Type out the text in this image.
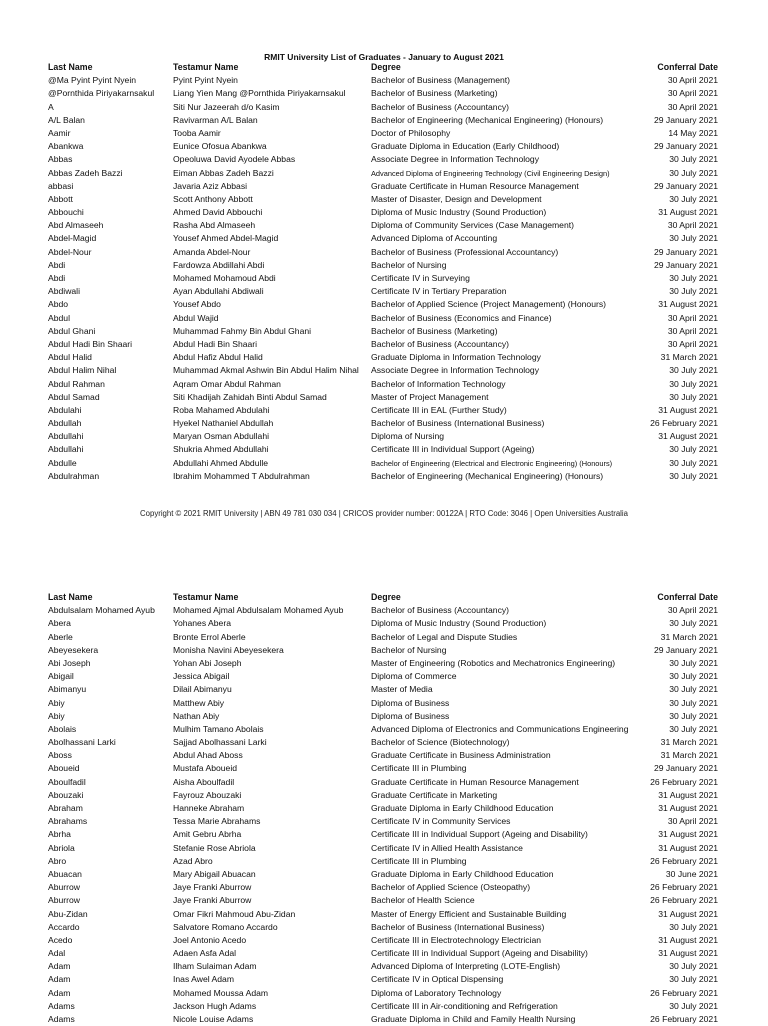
RMIT University List of Graduates - January to August 2021
Last Name	Testamur Name	Degree	Conferral Date
@Ma Pyint Pyint Nyein	Pyint Pyint Nyein	Bachelor of Business (Management)	30 April 2021
@Pornthida Piriyakarnsakul	Liang Yien Mang @Pornthida Piriyakarnsakul	Bachelor of Business (Marketing)	30 April 2021
A	Siti Nur Jazeerah d/o Kasim	Bachelor of Business (Accountancy)	30 April 2021
A/L Balan	Ravivarman A/L Balan	Bachelor of Engineering (Mechanical Engineering) (Honours)	29 January 2021
Aamir	Tooba Aamir	Doctor of Philosophy	14 May 2021
Abankwa	Eunice Ofosua Abankwa	Graduate Diploma in Education (Early Childhood)	29 January 2021
Abbas	Opeoluwa David Ayodele Abbas	Associate Degree in Information Technology	30 July 2021
Abbas Zadeh Bazzi	Eiman Abbas Zadeh Bazzi	Advanced Diploma of Engineering Technology (Civil Engineering Design)	30 July 2021
abbasi	Javaria Aziz Abbasi	Graduate Certificate in Human Resource Management	29 January 2021
Abbott	Scott Anthony Abbott	Master of Disaster, Design and Development	30 July 2021
Abbouchi	Ahmed David Abbouchi	Diploma of Music Industry (Sound Production)	31 August 2021
Abd Almaseeh	Rasha Abd Almaseeh	Diploma of Community Services (Case Management)	30 April 2021
Abdel-Magid	Yousef Ahmed Abdel-Magid	Advanced Diploma of Accounting	30 July 2021
Abdel-Nour	Amanda Abdel-Nour	Bachelor of Business (Professional Accountancy)	29 January 2021
Abdi	Fardowza Abdillahi Abdi	Bachelor of Nursing	29 January 2021
Abdi	Mohamed Mohamoud Abdi	Certificate IV in Surveying	30 July 2021
Abdiwali	Ayan Abdullahi Abdiwali	Certificate IV in Tertiary Preparation	30 July 2021
Abdo	Yousef Abdo	Bachelor of Applied Science (Project Management) (Honours)	31 August 2021
Abdul	Abdul Wajid	Bachelor of Business (Economics and Finance)	30 April 2021
Abdul Ghani	Muhammad Fahmy Bin Abdul Ghani	Bachelor of Business (Marketing)	30 April 2021
Abdul Hadi Bin Shaari	Abdul Hadi Bin Shaari	Bachelor of Business (Accountancy)	30 April 2021
Abdul Halid	Abdul Hafiz Abdul Halid	Graduate Diploma in Information Technology	31 March 2021
Abdul Halim Nihal	Muhammad Akmal Ashwin Bin Abdul Halim Nihal	Associate Degree in Information Technology	30 July 2021
Abdul Rahman	Aqram Omar Abdul Rahman	Bachelor of Information Technology	30 July 2021
Abdul Samad	Siti Khadijah Zahidah Binti Abdul Samad	Master of Project Management	30 July 2021
Abdulahi	Roba Mahamed Abdulahi	Certificate III in EAL (Further Study)	31 August 2021
Abdullah	Hyekel Nathaniel Abdullah	Bachelor of Business (International Business)	26 February 2021
Abdullahi	Maryan Osman Abdullahi	Diploma of Nursing	31 August 2021
Abdullahi	Shukria Ahmed Abdullahi	Certificate III in Individual Support (Ageing)	30 July 2021
Abdulle	Abdullahi Ahmed Abdulle	Bachelor of Engineering (Electrical and Electronic Engineering) (Honours)	30 July 2021
Abdulrahman	Ibrahim Mohammed T Abdulrahman	Bachelor of Engineering (Mechanical Engineering) (Honours)	30 July 2021
Copyright © 2021 RMIT University | ABN 49 781 030 034 | CRICOS provider number: 00122A | RTO Code: 3046 | Open Universities Australia
Last Name	Testamur Name	Degree	Conferral Date
Abdulsalam Mohamed Ayub	Mohamed Ajmal Abdulsalam Mohamed Ayub	Bachelor of Business (Accountancy)	30 April 2021
Abera	Yohanes Abera	Diploma of Music Industry (Sound Production)	30 July 2021
Aberle	Bronte Errol Aberle	Bachelor of Legal and Dispute Studies	31 March 2021
Abeyesekera	Monisha Navini Abeyesekera	Bachelor of Nursing	29 January 2021
Abi Joseph	Yohan Abi Joseph	Master of Engineering (Robotics and Mechatronics Engineering)	30 July 2021
Abigail	Jessica Abigail	Diploma of Commerce	30 July 2021
Abimanyu	Dilail Abimanyu	Master of Media	30 July 2021
Abiy	Matthew Abiy	Diploma of Business	30 July 2021
Abiy	Nathan Abiy	Diploma of Business	30 July 2021
Abolais	Mulhim Tamano Abolais	Advanced Diploma of Electronics and Communications Engineering	30 July 2021
Abolhassani Larki	Sajjad Abolhassani Larki	Bachelor of Science (Biotechnology)	31 March 2021
Aboss	Abdul Ahad Aboss	Graduate Certificate in Business Administration	31 March 2021
Aboueid	Mustafa Aboueid	Certificate III in Plumbing	29 January 2021
Aboulfadil	Aisha Aboulfadil	Graduate Certificate in Human Resource Management	26 February 2021
Abouzaki	Fayrouz Abouzaki	Graduate Certificate in Marketing	31 August 2021
Abraham	Hanneke Abraham	Graduate Diploma in Early Childhood Education	31 August 2021
Abrahams	Tessa Marie Abrahams	Certificate IV in Community Services	30 April 2021
Abrha	Amit Gebru Abrha	Certificate III in Individual Support (Ageing and Disability)	31 August 2021
Abriola	Stefanie Rose Abriola	Certificate IV in Allied Health Assistance	31 August 2021
Abro	Azad Abro	Certificate III in Plumbing	26 February 2021
Abuacan	Mary Abigail Abuacan	Graduate Diploma in Early Childhood Education	30 June 2021
Aburrow	Jaye Franki Aburrow	Bachelor of Applied Science (Osteopathy)	26 February 2021
Aburrow	Jaye Franki Aburrow	Bachelor of Health Science	26 February 2021
Abu-Zidan	Omar Fikri Mahmoud Abu-Zidan	Master of Energy Efficient and Sustainable Building	31 August 2021
Accardo	Salvatore Romano Accardo	Bachelor of Business (International Business)	30 July 2021
Acedo	Joel Antonio Acedo	Certificate III in Electrotechnology Electrician	31 August 2021
Adal	Adaen Asfa Adal	Certificate III in Individual Support (Ageing and Disability)	31 August 2021
Adam	Ilham Sulaiman Adam	Advanced Diploma of Interpreting (LOTE-English)	30 July 2021
Adam	Inas Awel Adam	Certificate IV in Optical Dispensing	30 July 2021
Adam	Mohamed Moussa Adam	Diploma of Laboratory Technology	26 February 2021
Adams	Jackson Hugh Adams	Certificate III in Air-conditioning and Refrigeration	30 July 2021
Adams	Nicole Louise Adams	Graduate Diploma in Child and Family Health Nursing	26 February 2021
